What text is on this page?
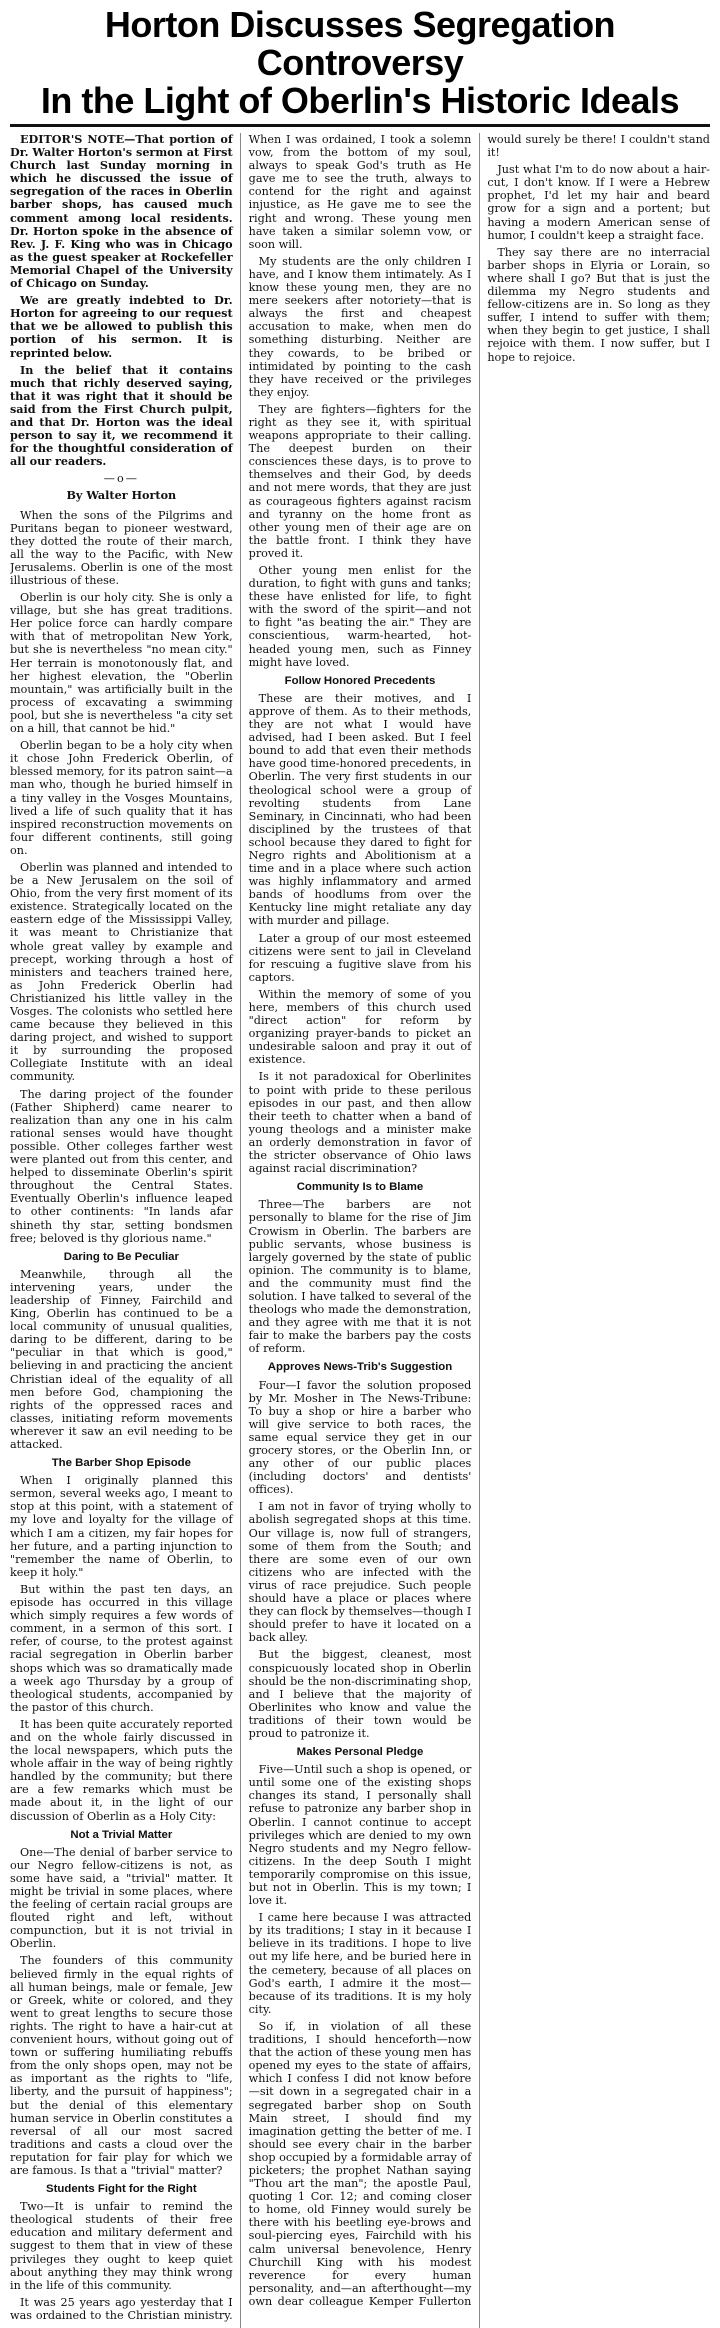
Horton Discusses Segregation Controversy
In the Light of Oberlin's Historic Ideals

EDITOR'S NOTE—That portion of Dr. Walter Horton's sermon at First Church last Sunday morning in which he discussed the issue of segregation of the races in Oberlin barber shops, has caused much comment among local residents. Dr. Horton spoke in the absence of Rev. J. F. King who was in Chicago as the guest speaker at Rockefeller Memorial Chapel of the University of Chicago on Sunday.

We are greatly indebted to Dr. Horton for agreeing to our request that we be allowed to publish this portion of his sermon. It is reprinted below.

In the belief that it contains much that richly deserved saying, that it was right that it should be said from the First Church pulpit, and that Dr. Horton was the ideal person to say it, we recommend it for the thoughtful consideration of all our readers.

—o—
By Walter Horton

When the sons of the Pilgrims and Puritans began to pioneer westward, they dotted the route of their march, all the way to the Pacific, with New Jerusalems. Oberlin is one of the most illustrious of these.

Oberlin is our holy city. She is only a village, but she has great traditions. Her police force can hardly compare with that of metropolitan New York, but she is nevertheless "no mean city." Her terrain is monotonously flat, and her highest elevation, the "Oberlin mountain," was artificially built in the process of excavating a swimming pool, but she is nevertheless "a city set on a hill, that cannot be hid."

Oberlin began to be a holy city when it chose John Frederick Oberlin, of blessed memory, for its patron saint—a man who, though he buried himself in a tiny valley in the Vosges Mountains, lived a life of such quality that it has inspired reconstruction movements on four different continents, still going on.

Oberlin was planned and intended to be a New Jerusalem on the soil of Ohio, from the very first moment of its existence. Strategically located on the eastern edge of the Mississippi Valley, it was meant to Christianize that whole great valley by example and precept, working through a host of ministers and teachers trained here, as John Frederick Oberlin had Christianized his little valley in the Vosges. The colonists who settled here came because they believed in this daring project, and wished to support it by surrounding the proposed Collegiate Institute with an ideal community.

The daring project of the founder (Father Shipherd) came nearer to realization than any one in his calm rational senses would have thought possible. Other colleges farther west were planted out from this center, and helped to disseminate Oberlin's spirit throughout the Central States. Eventually Oberlin's influence leaped to other continents: "In lands afar shineth thy star, setting bondsmen free; beloved is thy glorious name."

Daring to Be Peculiar

Meanwhile, through all the intervening years, under the leadership of Finney, Fairchild and King, Oberlin has continued to be a local community of unusual qualities, daring to be different, daring to be "peculiar in that which is good," believing in and practicing the ancient Christian ideal of the equality of all men before God, championing the rights of the oppressed races and classes, initiating reform movements wherever it saw an evil needing to be attacked.

The Barber Shop Episode

When I originally planned this sermon, several weeks ago, I meant to stop at this point, with a statement of my love and loyalty for the village of which I am a citizen, my fair hopes for her future, and a parting injunction to "remember the name of Oberlin, to keep it holy."

But within the past ten days, an episode has occurred in this village which simply requires a few words of comment, in a sermon of this sort. I refer, of course, to the protest against racial segregation in Oberlin barber shops which was so dramatically made a week ago Thursday by a group of theological students, accompanied by the pastor of this church.

It has been quite accurately reported and on the whole fairly discussed in the local newspapers, which puts the whole affair in the way of being rightly handled by the community; but there are a few remarks which must be made about it, in the light of our discussion of Oberlin as a Holy City:

Not a Trivial Matter

One—The denial of barber service to our Negro fellow-citizens is not, as some have said, a "trivial" matter. It might be trivial in some places, where the feeling of certain racial groups are flouted right and left, without compunction, but it is not trivial in Oberlin.

The founders of this community believed firmly in the equal rights of all human beings, male or female, Jew or Greek, white or colored, and they went to great lengths to secure those rights. The right to have a hair-cut at convenient hours, without going out of town or suffering humiliating rebuffs from the only shops open, may not be as important as the rights to "life, liberty, and the pursuit of happiness"; but the denial of this elementary human service in Oberlin constitutes a reversal of all our most sacred traditions and casts a cloud over the reputation for fair play for which we are famous. Is that a "trivial" matter?

Students Fight for the Right

Two—It is unfair to remind the theological students of their free education and military deferment and suggest to them that in view of these privileges they ought to keep quiet about anything they may think wrong in the life of this community.

It was 25 years ago yesterday that I was ordained to the Christian ministry. When I was ordained, I took a solemn vow, from the bottom of my soul, always to speak God's truth as He gave me to see the truth, always to contend for the right and against injustice, as He gave me to see the right and wrong. These young men have taken a similar solemn vow, or soon will.

My students are the only children I have, and I know them intimately. As I know these young men, they are no mere seekers after notoriety—that is always the first and cheapest accusation to make, when men do something disturbing. Neither are they cowards, to be bribed or intimidated by pointing to the cash they have received or the privileges they enjoy.

They are fighters—fighters for the right as they see it, with spiritual weapons appropriate to their calling. The deepest burden on their consciences these days, is to prove to themselves and their God, by deeds and not mere words, that they are just as courageous fighters against racism and tyranny on the home front as other young men of their age are on the battle front. I think they have proved it.

Other young men enlist for the duration, to fight with guns and tanks; these have enlisted for life, to fight with the sword of the spirit—and not to fight "as beating the air." They are conscientious, warm-hearted, hot-headed young men, such as Finney might have loved.

Follow Honored Precedents

These are their motives, and I approve of them. As to their methods, they are not what I would have advised, had I been asked. But I feel bound to add that even their methods have good time-honored precedents, in Oberlin. The very first students in our theological school were a group of revolting students from Lane Seminary, in Cincinnati, who had been disciplined by the trustees of that school because they dared to fight for Negro rights and Abolitionism at a time and in a place where such action was highly inflammatory and armed bands of hoodlums from over the Kentucky line might retaliate any day with murder and pillage.

Later a group of our most esteemed citizens were sent to jail in Cleveland for rescuing a fugitive slave from his captors.

Within the memory of some of you here, members of this church used "direct action" for reform by organizing prayer-bands to picket an undesirable saloon and pray it out of existence.

Is it not paradoxical for Oberlinites to point with pride to these perilous episodes in our past, and then allow their teeth to chatter when a band of young theologs and a minister make an orderly demonstration in favor of the stricter observance of Ohio laws against racial discrimination?

Community Is to Blame

Three—The barbers are not personally to blame for the rise of Jim Crowism in Oberlin. The barbers are public servants, whose business is largely governed by the state of public opinion. The community is to blame, and the community must find the solution. I have talked to several of the theologs who made the demonstration, and they agree with me that it is not fair to make the barbers pay the costs of reform.

Approves News-Trib's Suggestion

Four—I favor the solution proposed by Mr. Mosher in The News-Tribune: To buy a shop or hire a barber who will give service to both races, the same equal service they get in our grocery stores, or the Oberlin Inn, or any other of our public places (including doctors' and dentists' offices).

I am not in favor of trying wholly to abolish segregated shops at this time. Our village is, now full of strangers, some of them from the South; and there are some even of our own citizens who are infected with the virus of race prejudice. Such people should have a place or places where they can flock by themselves—though I should prefer to have it located on a back alley.

But the biggest, cleanest, most conspicuously located shop in Oberlin should be the non-discriminating shop, and I believe that the majority of Oberlinites who know and value the traditions of their town would be proud to patronize it.

Makes Personal Pledge

Five—Until such a shop is opened, or until some one of the existing shops changes its stand, I personally shall refuse to patronize any barber shop in Oberlin. I cannot continue to accept privileges which are denied to my own Negro students and my Negro fellow-citizens. In the deep South I might temporarily compromise on this issue, but not in Oberlin. This is my town; I love it.

I came here because I was attracted by its traditions; I stay in it because I believe in its traditions. I hope to live out my life here, and be buried here in the cemetery, because of all places on God's earth, I admire it the most—because of its traditions. It is my holy city.

So if, in violation of all these traditions, I should henceforth—now that the action of these young men has opened my eyes to the state of affairs, which I confess I did not know before—sit down in a segregated chair in a segregated barber shop on South Main street, I should find my imagination getting the better of me. I should see every chair in the barber shop occupied by a formidable array of picketers; the prophet Nathan saying "Thou art the man"; the apostle Paul, quoting 1 Cor. 12; and coming closer to home, old Finney would surely be there with his beetling eye-brows and soul-piercing eyes, Fairchild with his calm universal benevolence, Henry Churchill King with his modest reverence for every human personality, and—an afterthought—my own dear colleague Kemper Fullerton would surely be there! I couldn't stand it!

Just what I'm to do now about a hair-cut, I don't know. If I were a Hebrew prophet, I'd let my hair and beard grow for a sign and a portent; but having a modern American sense of humor, I couldn't keep a straight face.

They say there are no interracial barber shops in Elyria or Lorain, so where shall I go? But that is just the dilemma my Negro students and fellow-citizens are in. So long as they suffer, I intend to suffer with them; when they begin to get justice, I shall rejoice with them. I now suffer, but I hope to rejoice.
